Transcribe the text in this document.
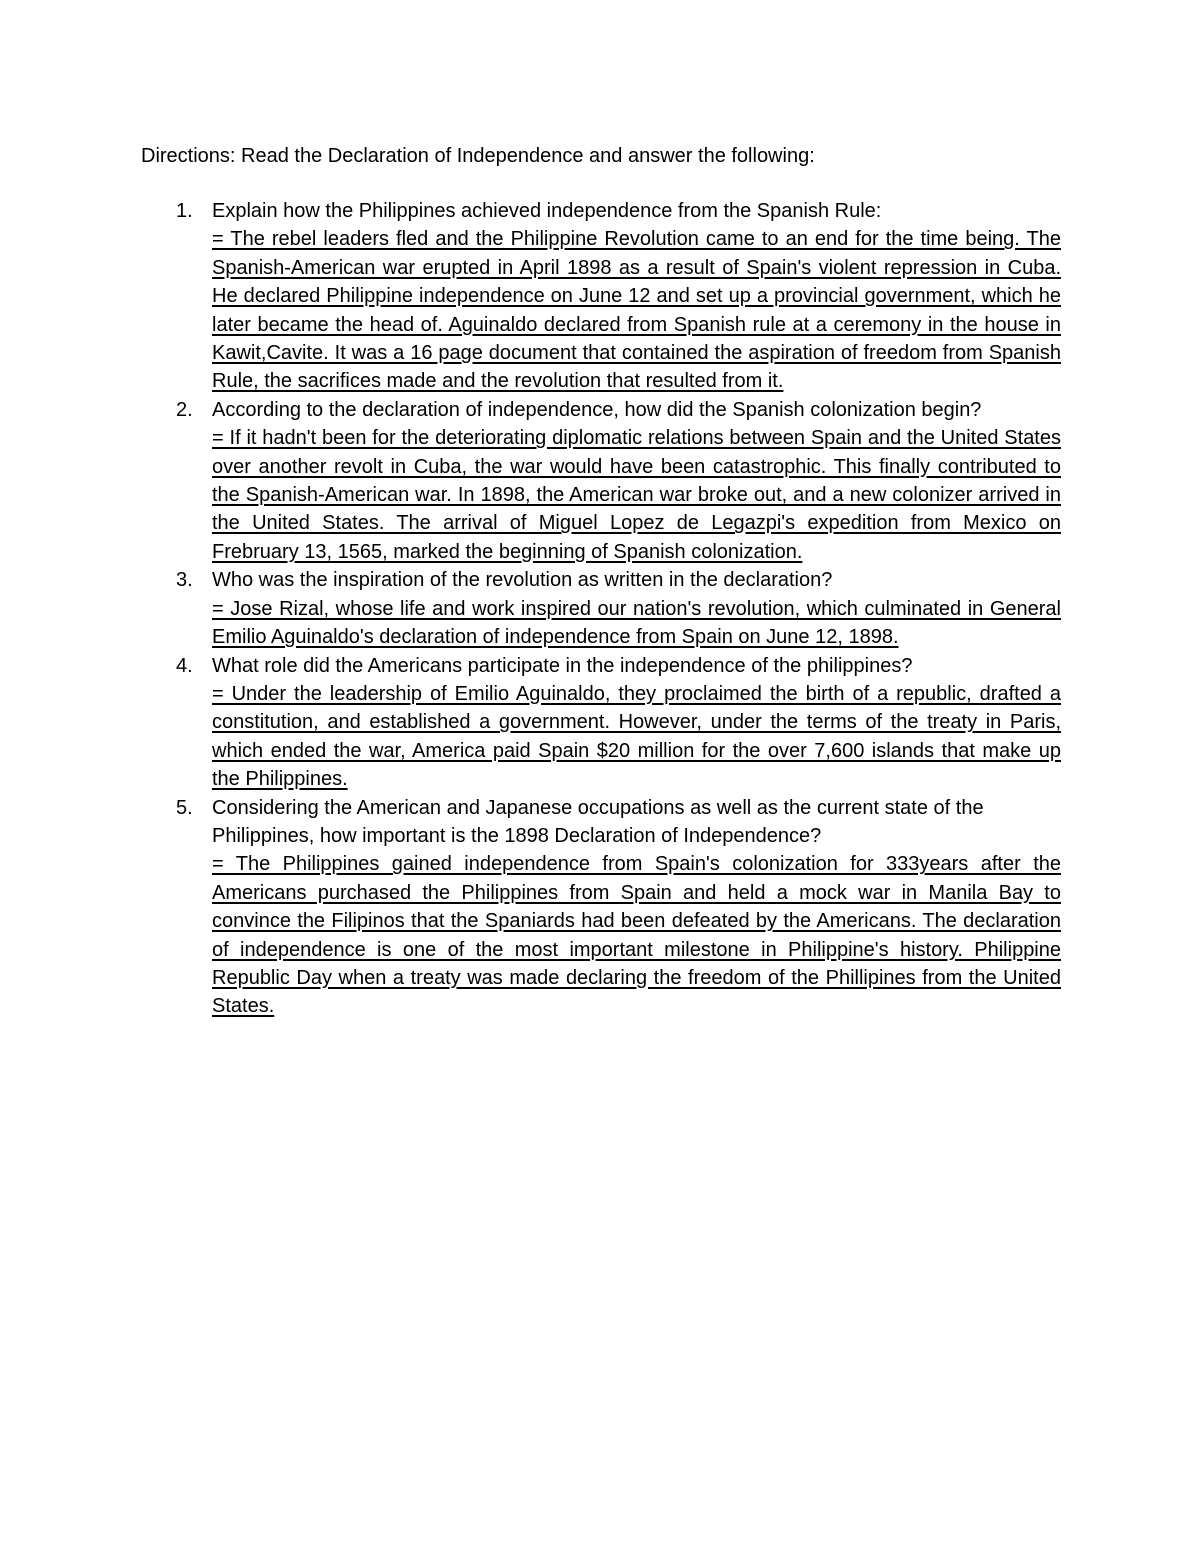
Directions: Read the Declaration of Independence and answer the following:
1. Explain how the Philippines achieved independence from the Spanish Rule:
= The rebel leaders fled and the Philippine Revolution came to an end for the time being. The Spanish-American war erupted in April 1898 as a result of Spain's violent repression in Cuba. He declared Philippine independence on June 12 and set up a provincial government, which he later became the head of. Aguinaldo declared from Spanish rule at a ceremony in the house in Kawit,Cavite. It was a 16 page document that contained the aspiration of freedom from Spanish Rule, the sacrifices made and the revolution that resulted from it.
2. According to the declaration of independence, how did the Spanish colonization begin?
= If it hadn't been for the deteriorating diplomatic relations between Spain and the United States over another revolt in Cuba, the war would have been catastrophic. This finally contributed to the Spanish-American war. In 1898, the American war broke out, and a new colonizer arrived in the United States. The arrival of Miguel Lopez de Legazpi's expedition from Mexico on Frebruary 13, 1565, marked the beginning of Spanish colonization.
3. Who was the inspiration of the revolution as written in the declaration?
= Jose Rizal, whose life and work inspired our nation's revolution, which culminated in General Emilio Aguinaldo's declaration of independence from Spain on June 12, 1898.
4. What role did the Americans participate in the independence of the philippines?
= Under the leadership of Emilio Aguinaldo, they proclaimed the birth of a republic, drafted a constitution, and established a government. However, under the terms of the treaty in Paris, which ended the war, America paid Spain $20 million for the over 7,600 islands that make up the Philippines.
5. Considering the American and Japanese occupations as well as the current state of the Philippines, how important is the 1898 Declaration of Independence?
= The Philippines gained independence from Spain's colonization for 333years after the Americans purchased the Philippines from Spain and held a mock war in Manila Bay to convince the Filipinos that the Spaniards had been defeated by the Americans. The declaration of independence is one of the most important milestone in Philippine's history. Philippine Republic Day when a treaty was made declaring the freedom of the Phillipines from the United States.
